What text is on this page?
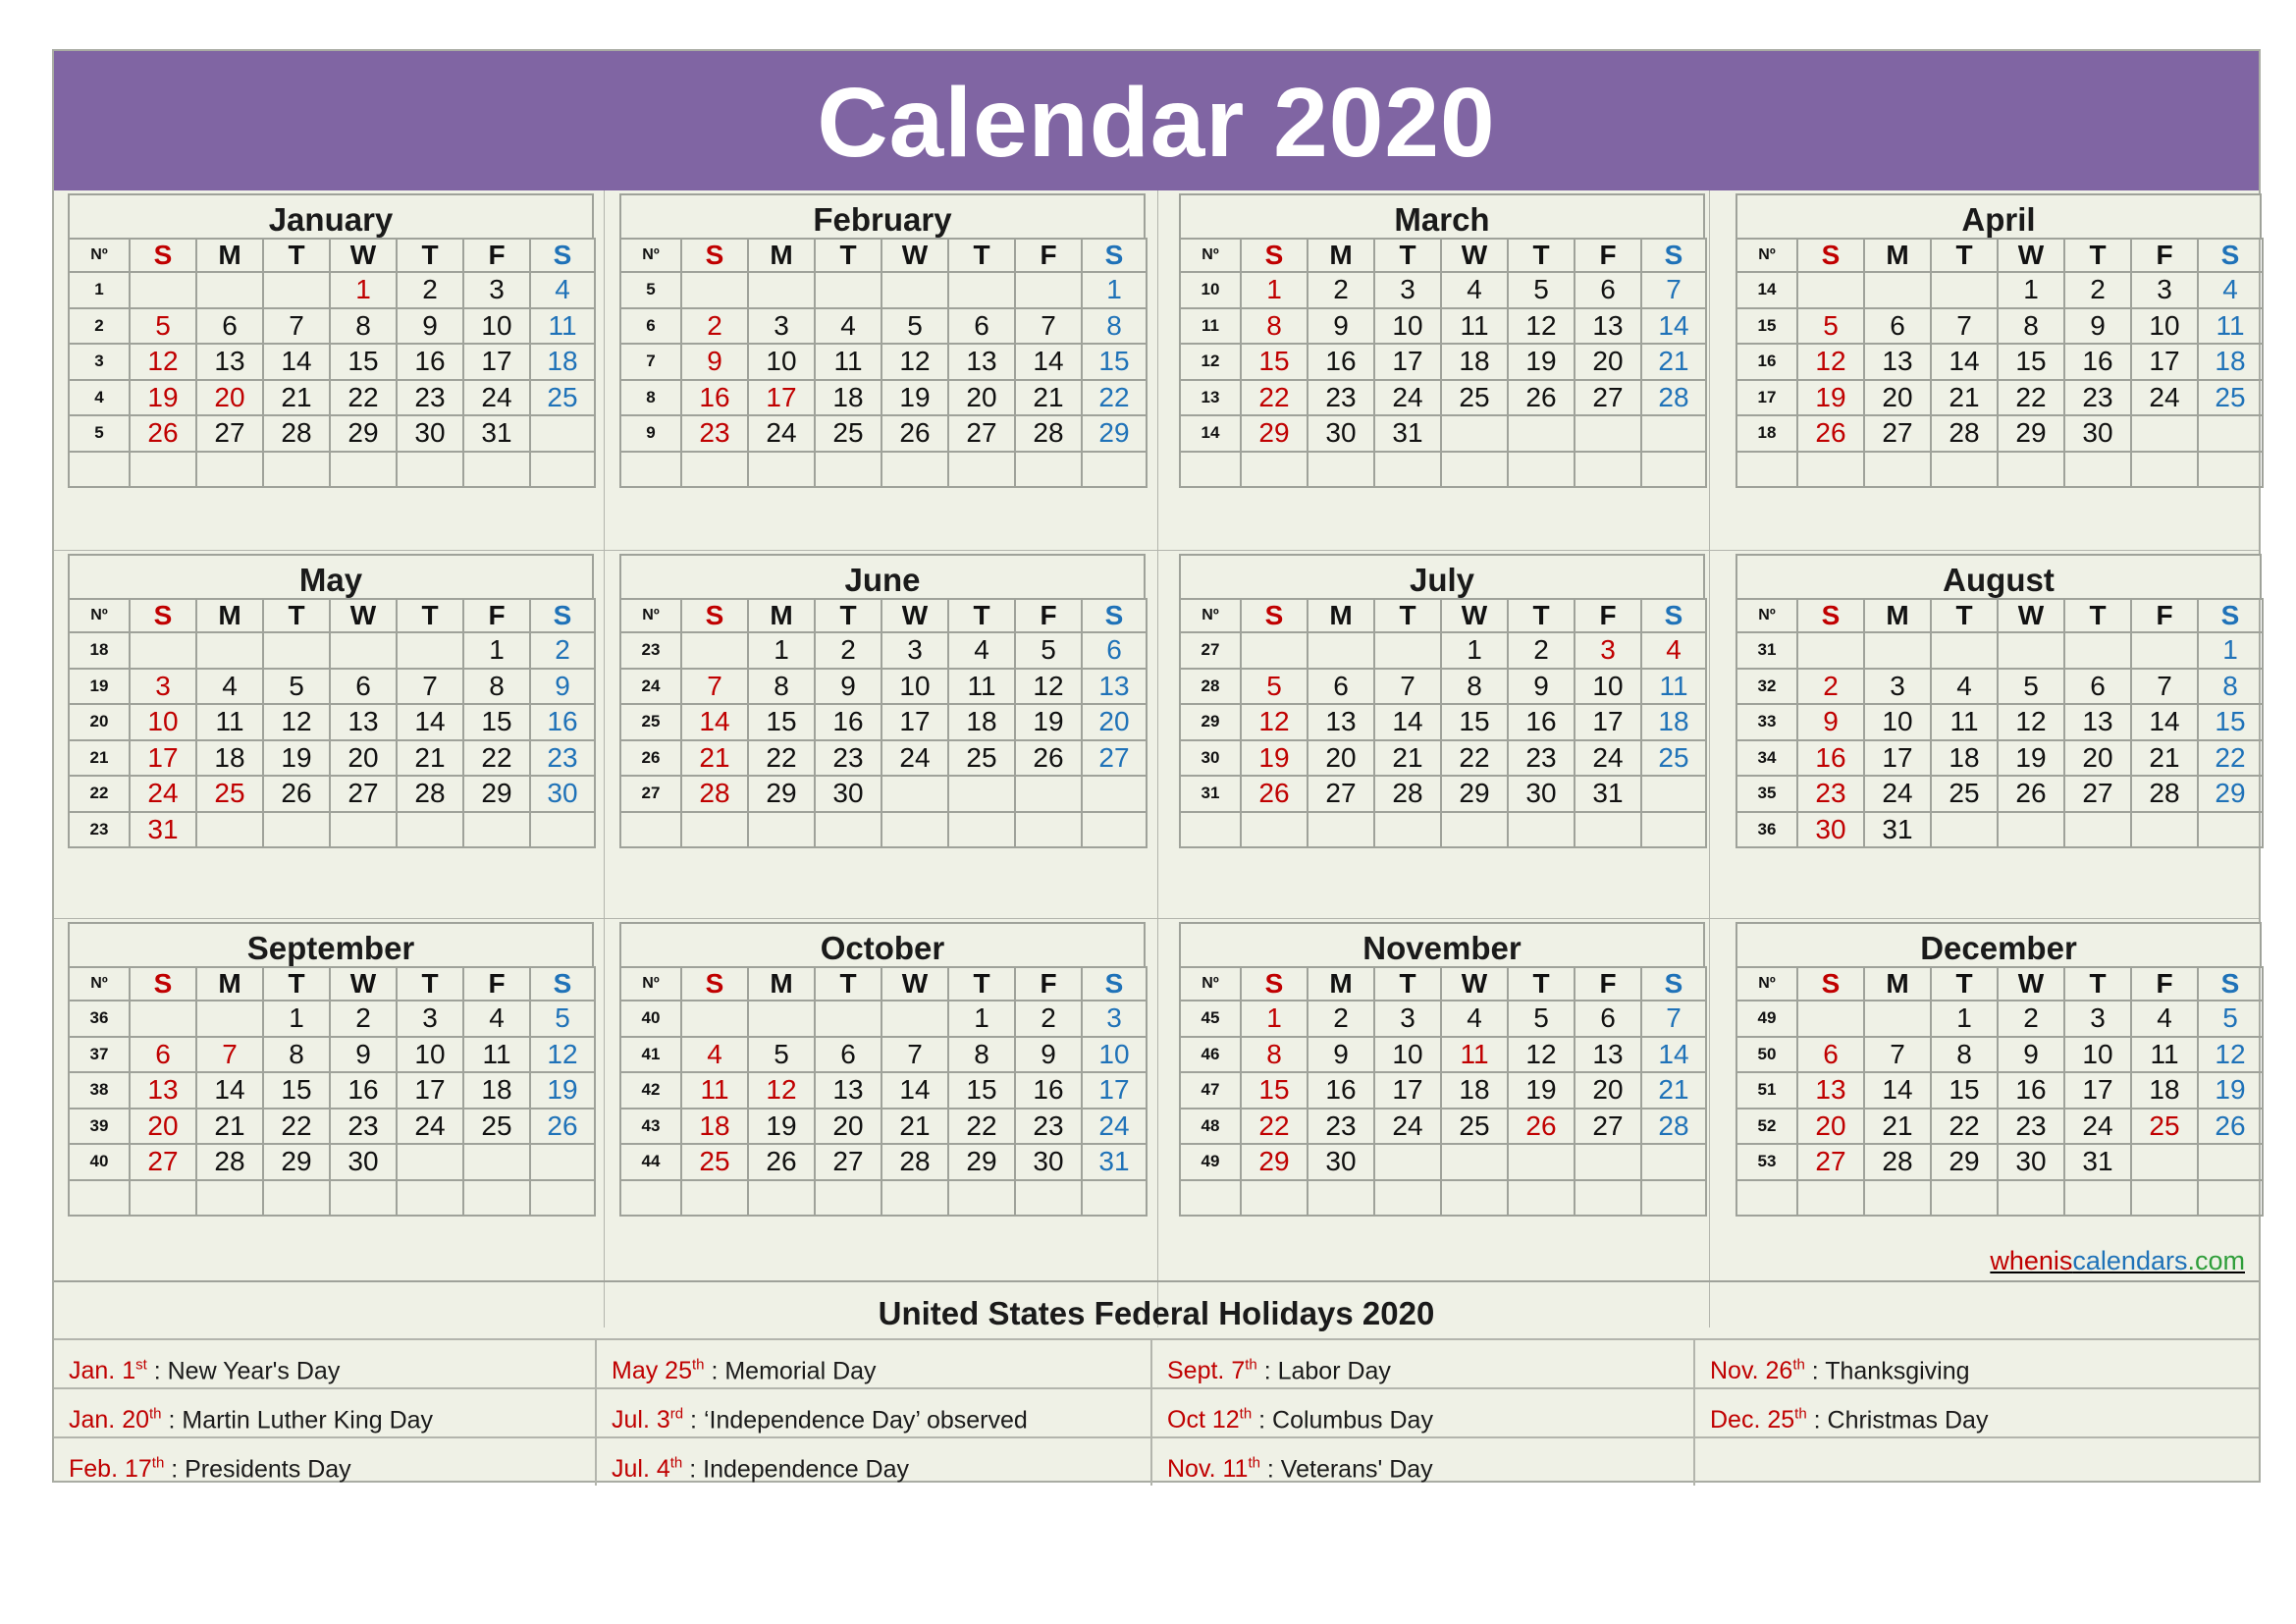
Calendar 2020
January
Nº	S	M	T	W	T	F	S
1				1	2	3	4
2	5	6	7	8	9	10	11
3	12	13	14	15	16	17	18
4	19	20	21	22	23	24	25
5	26	27	28	29	30	31	

February
Nº	S	M	T	W	T	F	S
5							1
6	2	3	4	5	6	7	8
7	9	10	11	12	13	14	15
8	16	17	18	19	20	21	22
9	23	24	25	26	27	28	29

March
Nº	S	M	T	W	T	F	S
10	1	2	3	4	5	6	7
11	8	9	10	11	12	13	14
12	15	16	17	18	19	20	21
13	22	23	24	25	26	27	28
14	29	30	31				

April
Nº	S	M	T	W	T	F	S
14				1	2	3	4
15	5	6	7	8	9	10	11
16	12	13	14	15	16	17	18
17	19	20	21	22	23	24	25
18	26	27	28	29	30		

May
Nº	S	M	T	W	T	F	S
18						1	2
19	3	4	5	6	7	8	9
20	10	11	12	13	14	15	16
21	17	18	19	20	21	22	23
22	24	25	26	27	28	29	30
23	31						
June
Nº	S	M	T	W	T	F	S
23		1	2	3	4	5	6
24	7	8	9	10	11	12	13
25	14	15	16	17	18	19	20
26	21	22	23	24	25	26	27
27	28	29	30				

July
Nº	S	M	T	W	T	F	S
27				1	2	3	4
28	5	6	7	8	9	10	11
29	12	13	14	15	16	17	18
30	19	20	21	22	23	24	25
31	26	27	28	29	30	31	

August
Nº	S	M	T	W	T	F	S
31							1
32	2	3	4	5	6	7	8
33	9	10	11	12	13	14	15
34	16	17	18	19	20	21	22
35	23	24	25	26	27	28	29
36	30	31					
September
Nº	S	M	T	W	T	F	S
36			1	2	3	4	5
37	6	7	8	9	10	11	12
38	13	14	15	16	17	18	19
39	20	21	22	23	24	25	26
40	27	28	29	30			

October
Nº	S	M	T	W	T	F	S
40					1	2	3
41	4	5	6	7	8	9	10
42	11	12	13	14	15	16	17
43	18	19	20	21	22	23	24
44	25	26	27	28	29	30	31

November
Nº	S	M	T	W	T	F	S
45	1	2	3	4	5	6	7
46	8	9	10	11	12	13	14
47	15	16	17	18	19	20	21
48	22	23	24	25	26	27	28
49	29	30					

December
Nº	S	M	T	W	T	F	S
49			1	2	3	4	5
50	6	7	8	9	10	11	12
51	13	14	15	16	17	18	19
52	20	21	22	23	24	25	26
53	27	28	29	30	31		

wheniscalendars.com
United States Federal Holidays 2020
Jan. 1st : New Year's Day
Jan. 20th : Martin Luther King Day
Feb. 17th : Presidents Day
May 25th : Memorial Day
Jul. 3rd : ‘Independence Day’ observed
Jul. 4th : Independence Day
Sept. 7th : Labor Day
Oct 12th : Columbus Day
Nov. 11th : Veterans' Day
Nov. 26th : Thanksgiving
Dec. 25th : Christmas Day
